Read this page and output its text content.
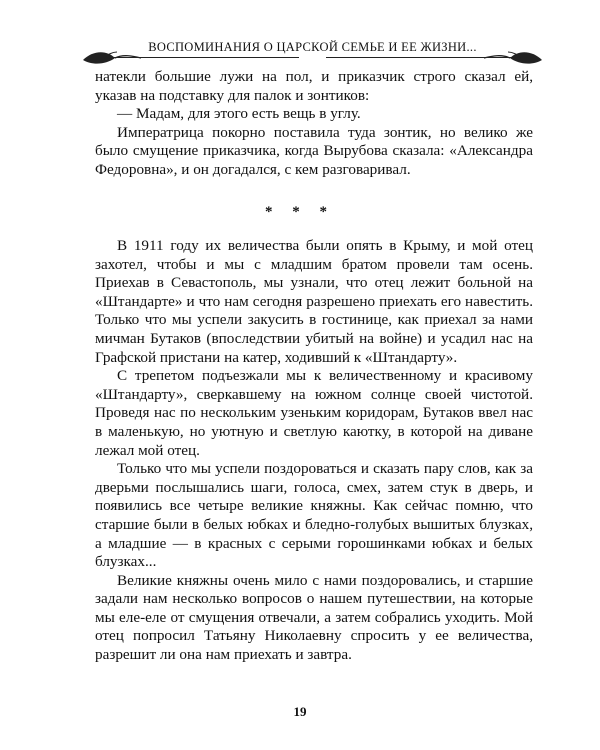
ВОСПОМИНАНИЯ О ЦАРСКОЙ СЕМЬЕ И ЕЕ ЖИЗНИ...

натекли большие лужи на пол, и приказчик строго сказал ей, указав на подставку для палок и зонтиков:

— Мадам, для этого есть вещь в углу.

Императрица покорно поставила туда зонтик, но велико же было смущение приказчика, когда Вырубова сказала: «Александра Федоровна», и он догадался, с кем разговаривал.

* * *

В 1911 году их величества были опять в Крыму, и мой отец захотел, чтобы и мы с младшим братом провели там осень. Приехав в Севастополь, мы узнали, что отец лежит больной на «Штандарте» и что нам сегодня разрешено приехать его навестить. Только что мы успели закусить в гостинице, как приехал за нами мичман Бутаков (впоследствии убитый на войне) и усадил нас на Графской пристани на катер, ходивший к «Штандарту».

С трепетом подъезжали мы к величественному и красивому «Штандарту», сверкавшему на южном солнце своей чистотой. Проведя нас по нескольким узеньким коридорам, Бутаков ввел нас в маленькую, но уютную и светлую каютку, в которой на диване лежал мой отец.

Только что мы успели поздороваться и сказать пару слов, как за дверьми послышались шаги, голоса, смех, затем стук в дверь, и появились все четыре великие княжны. Как сейчас помню, что старшие были в белых юбках и бледно-голубых вышитых блузках, а младшие — в красных с серыми горошинками юбках и белых блузках...

Великие княжны очень мило с нами поздоровались, и старшие задали нам несколько вопросов о нашем путешествии, на которые мы еле-еле от смущения отвечали, а затем собрались уходить. Мой отец попросил Татьяну Николаевну спросить у ее величества, разрешит ли она нам приехать и завтра.

19
